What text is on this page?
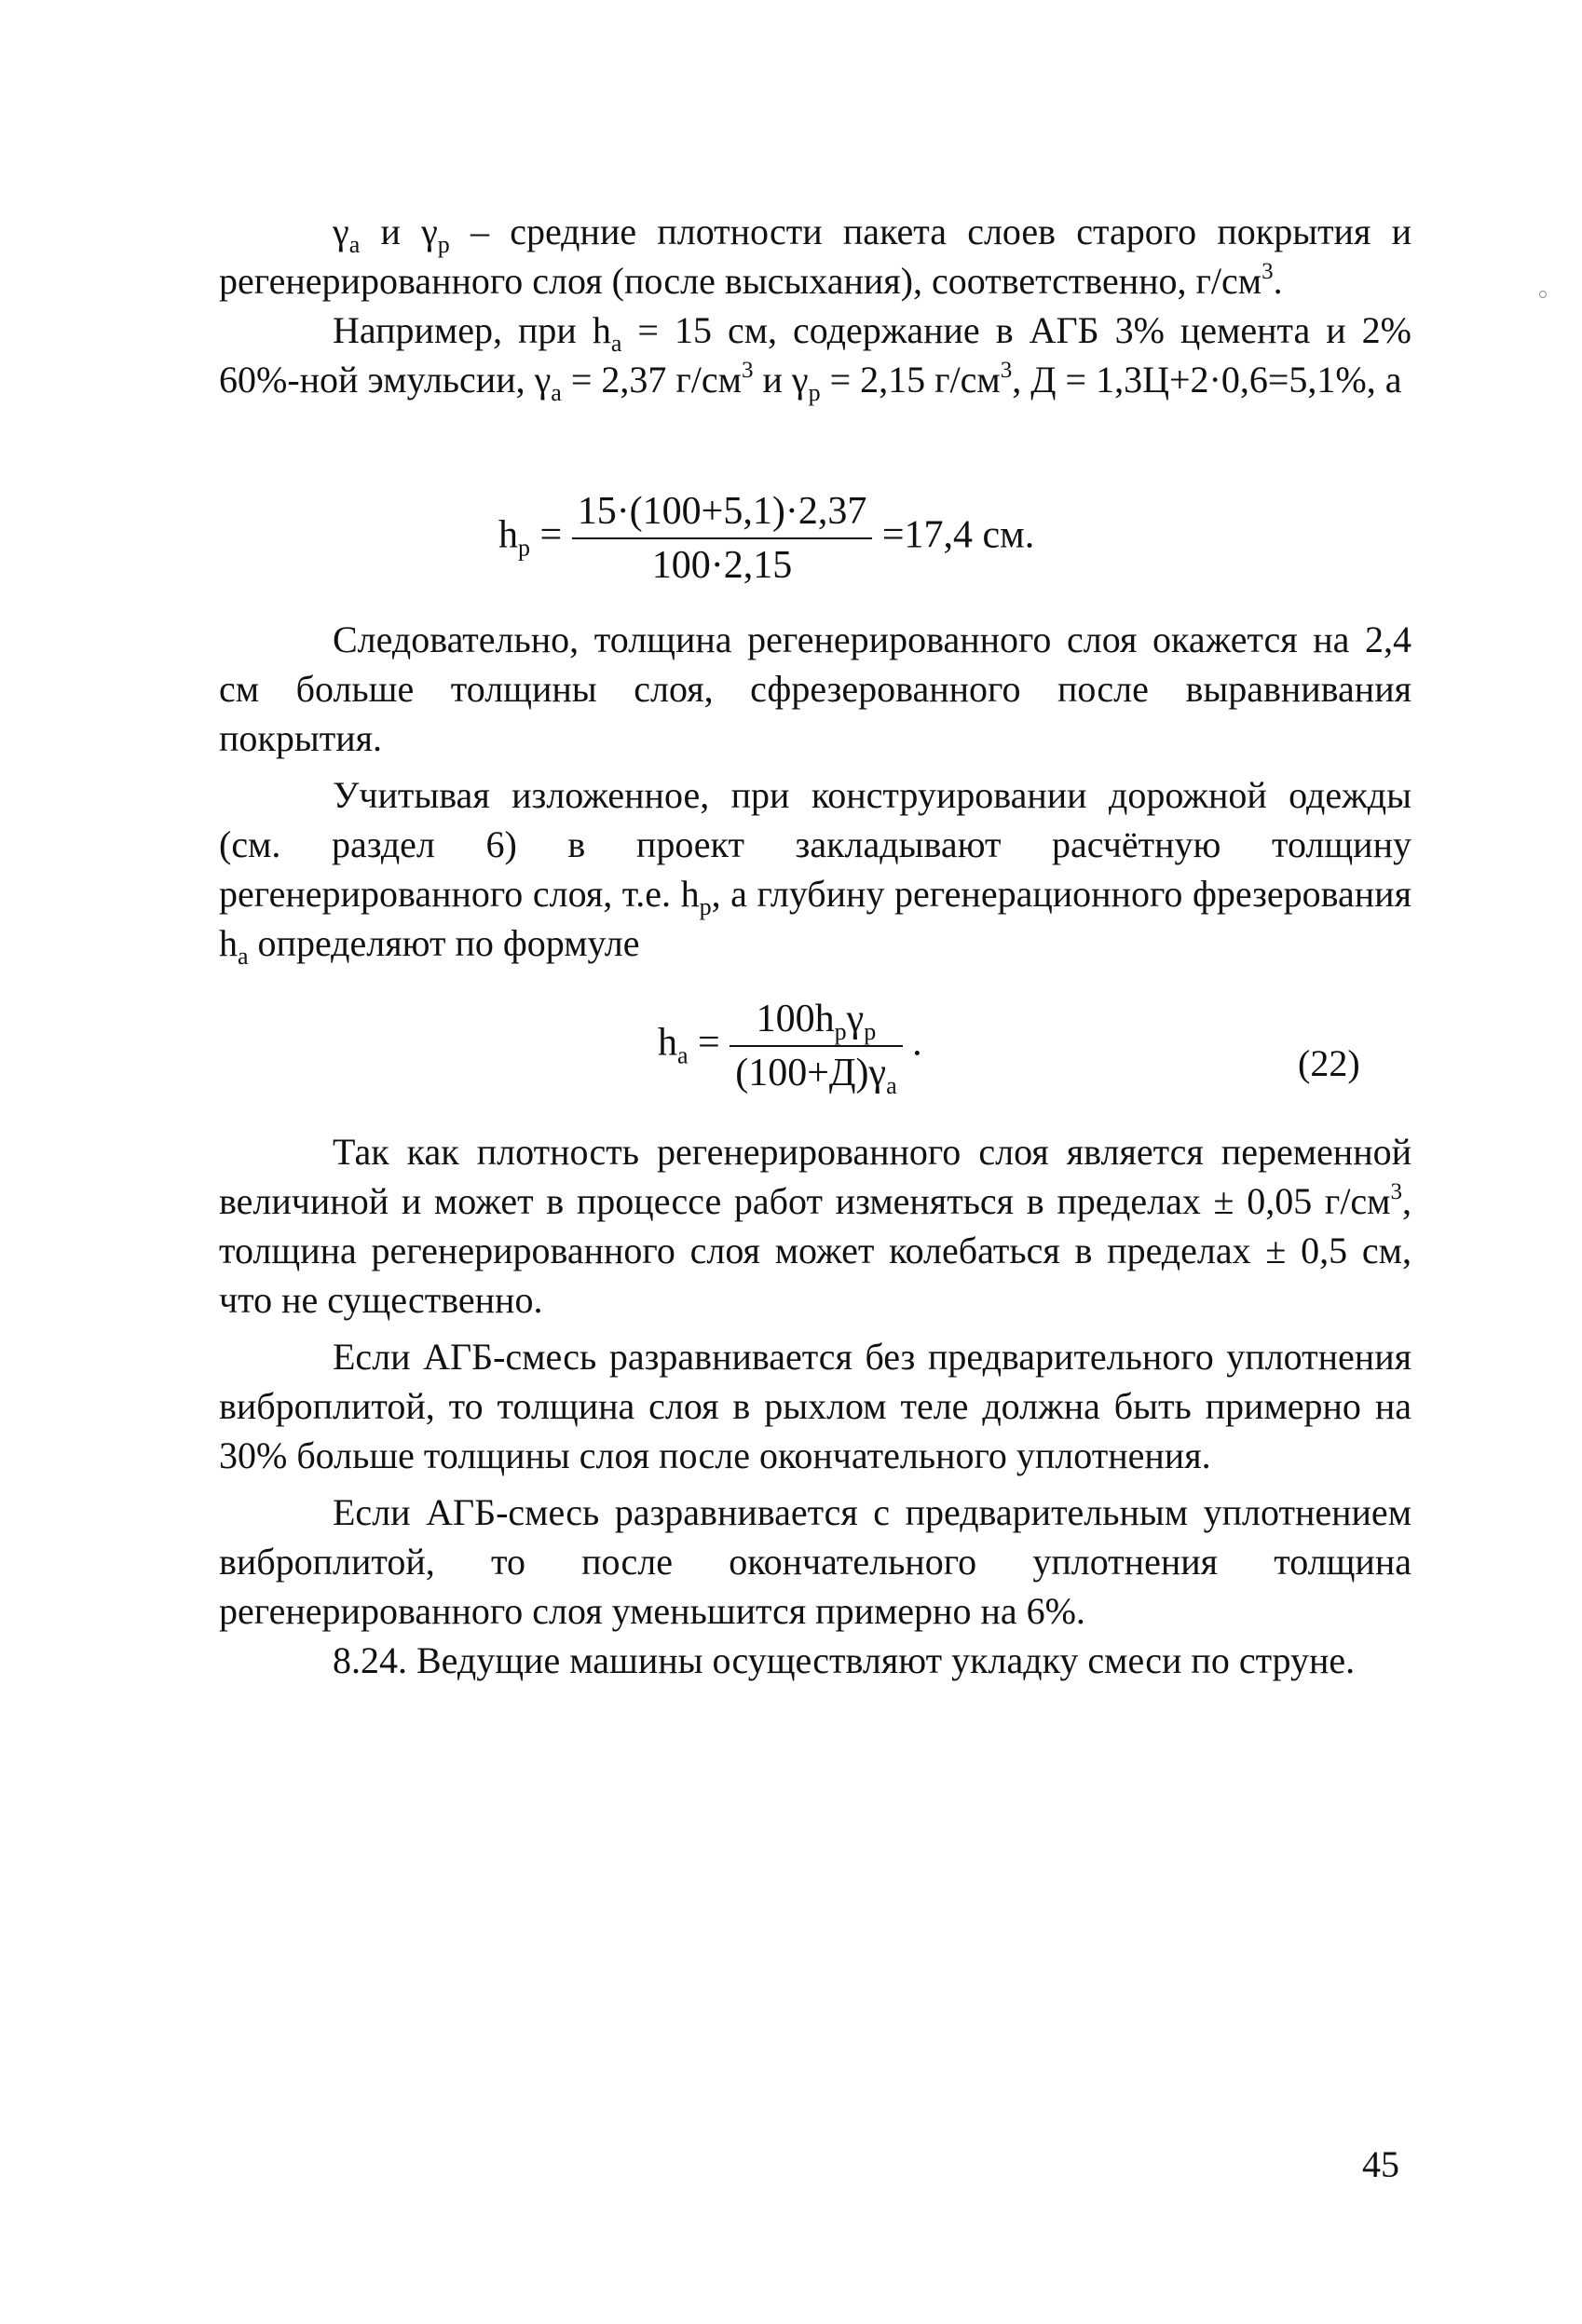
$\gamma_а$ и $\gamma_р$ – средние плотности пакета слоев старого покрытия и регенерированного слоя (после высыхания), соответственно, $г/см^3$.

Например, при $h_а = 15$ см, содержание в АГБ 3% цемента и 2% 60%-ной эмульсии, $\gamma_а = 2,37$ $г/см^3$ и $\gamma_р = 2,15$ $г/см^3$, Д = 1,3Ц+2·0,6=5,1%, а

$h_р = \frac{15\cdot(100+5,1)\cdot 2,37}{100\cdot 2,15} =17,4$ см.

Следовательно, толщина регенерированного слоя окажется на 2,4 см больше толщины слоя, сфрезерованного после выравнивания покрытия.

Учитывая изложенное, при конструировании дорожной одежды (см. раздел 6) в проект закладывают расчётную толщину регенерированного слоя, т.е. $h_р$, а глубину регенерационного фрезерования $h_а$ определяют по формуле

$h_а = \frac{100h_р\gamma_р}{(100+Д)\gamma_а}$ .	(22)

Так как плотность регенерированного слоя является переменной величиной и может в процессе работ изменяться в пределах ± 0,05 $г/см^3$, толщина регенерированного слоя может колебаться в пределах ± 0,5 см, что не существенно.

Если АГБ-смесь разравнивается без предварительного уплотнения виброплитой, то толщина слоя в рыхлом теле должна быть примерно на 30% больше толщины слоя после окончательного уплотнения.

Если АГБ-смесь разравнивается с предварительным уплотнением виброплитой, то после окончательного уплотнения толщина регенерированного слоя уменьшится примерно на 6%.

8.24. Ведущие машины осуществляют укладку смеси по струне.

45
